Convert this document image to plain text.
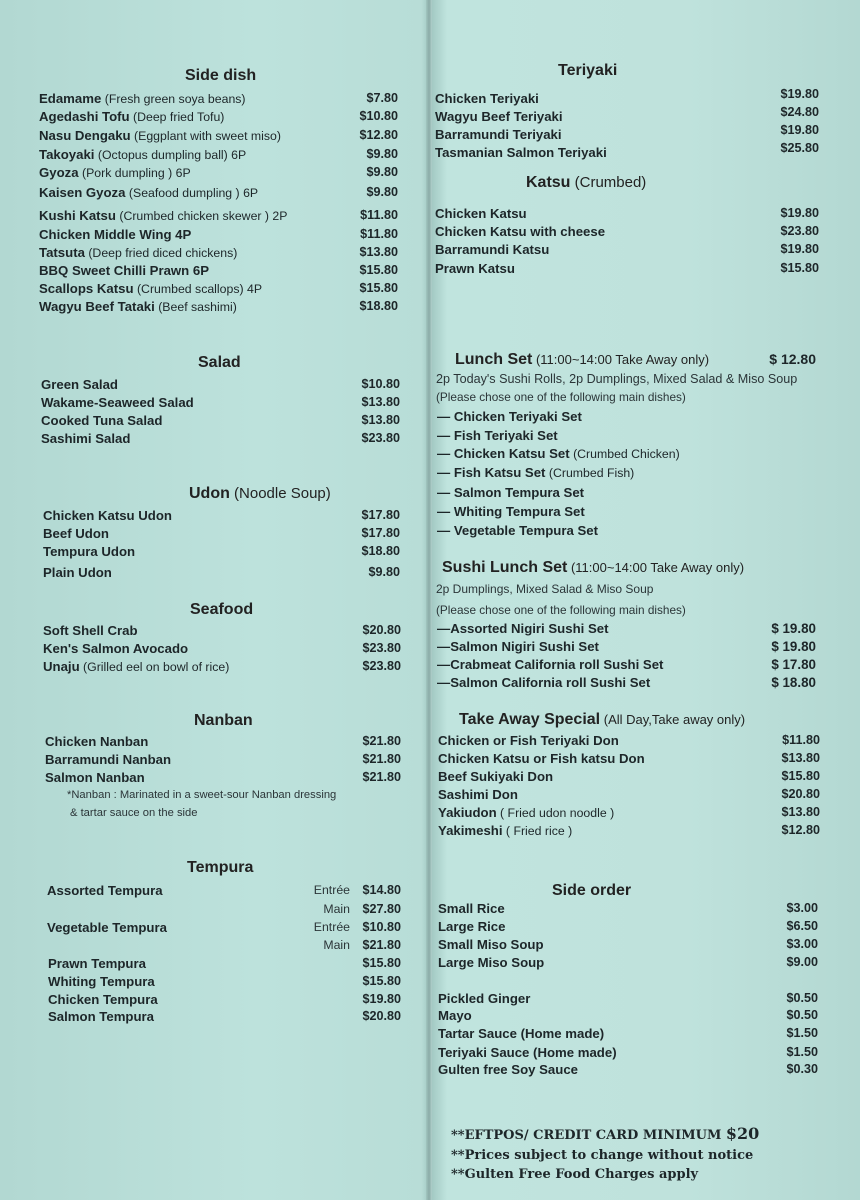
Side dish
Edamame (Fresh green soya beans)	$7.80
Agedashi Tofu (Deep fried Tofu)	$10.80
Nasu Dengaku (Eggplant with sweet miso)	$12.80
Takoyaki (Octopus dumpling ball) 6P	$9.80
Gyoza (Pork dumpling ) 6P	$9.80
Kaisen Gyoza (Seafood dumpling ) 6P	$9.80
Kushi Katsu (Crumbed chicken skewer ) 2P	$11.80
Chicken Middle Wing 4P	$11.80
Tatsuta (Deep fried diced chickens)	$13.80
BBQ Sweet Chilli Prawn 6P	$15.80
Scallops Katsu (Crumbed scallops) 4P	$15.80
Wagyu Beef Tataki (Beef sashimi)	$18.80
Salad
Green Salad	$10.80
Wakame-Seaweed Salad	$13.80
Cooked Tuna Salad	$13.80
Sashimi Salad	$23.80
Udon (Noodle Soup)
Chicken Katsu Udon	$17.80
Beef Udon	$17.80
Tempura Udon	$18.80
Plain Udon	$9.80
Seafood
Soft Shell Crab	$20.80
Ken's Salmon Avocado	$23.80
Unaju (Grilled eel on bowl of rice)	$23.80
Nanban
Chicken Nanban	$21.80
Barramundi Nanban	$21.80
Salmon Nanban	$21.80
*Nanban : Marinated in a sweet-sour Nanban dressing
& tartar sauce on the side
Tempura
Assorted Tempura	Entrée $14.80
Main $27.80
Vegetable Tempura	Entrée $10.80
Main $21.80
Prawn Tempura	$15.80
Whiting Tempura	$15.80
Chicken Tempura	$19.80
Salmon Tempura	$20.80
Teriyaki
Chicken Teriyaki	$19.80
Wagyu Beef Teriyaki	$24.80
Barramundi Teriyaki	$19.80
Tasmanian Salmon Teriyaki	$25.80
Katsu (Crumbed)
Chicken Katsu	$19.80
Chicken Katsu with cheese	$23.80
Barramundi Katsu	$19.80
Prawn Katsu	$15.80
Lunch Set (11:00~14:00 Take Away only)	$ 12.80
2p Today's Sushi Rolls, 2p Dumplings, Mixed Salad & Miso Soup
(Please chose one of the following main dishes)
— Chicken Teriyaki Set
— Fish Teriyaki Set
— Chicken Katsu Set (Crumbed Chicken)
— Fish Katsu Set (Crumbed Fish)
— Salmon Tempura Set
— Whiting Tempura Set
— Vegetable Tempura Set
Sushi Lunch Set (11:00~14:00 Take Away only)
2p Dumplings, Mixed Salad & Miso Soup
(Please chose one of the following main dishes)
—Assorted Nigiri Sushi Set	$ 19.80
—Salmon Nigiri Sushi Set	$ 19.80
—Crabmeat California roll Sushi Set	$ 17.80
—Salmon California roll Sushi Set	$ 18.80
Take Away Special (All Day,Take away only)
Chicken or Fish Teriyaki Don	$11.80
Chicken Katsu or Fish katsu Don	$13.80
Beef Sukiyaki Don	$15.80
Sashimi Don	$20.80
Yakiudon ( Fried udon noodle )	$13.80
Yakimeshi ( Fried rice )	$12.80
Side order
Small Rice	$3.00
Large Rice	$6.50
Small Miso Soup	$3.00
Large Miso Soup	$9.00
Pickled Ginger	$0.50
Mayo	$0.50
Tartar Sauce (Home made)	$1.50
Teriyaki Sauce (Home made)	$1.50
Gulten free Soy Sauce	$0.30
**EFTPOS/ CREDIT CARD MINIMUM $20
**Prices subject to change without notice
**Gulten Free Food Charges apply
